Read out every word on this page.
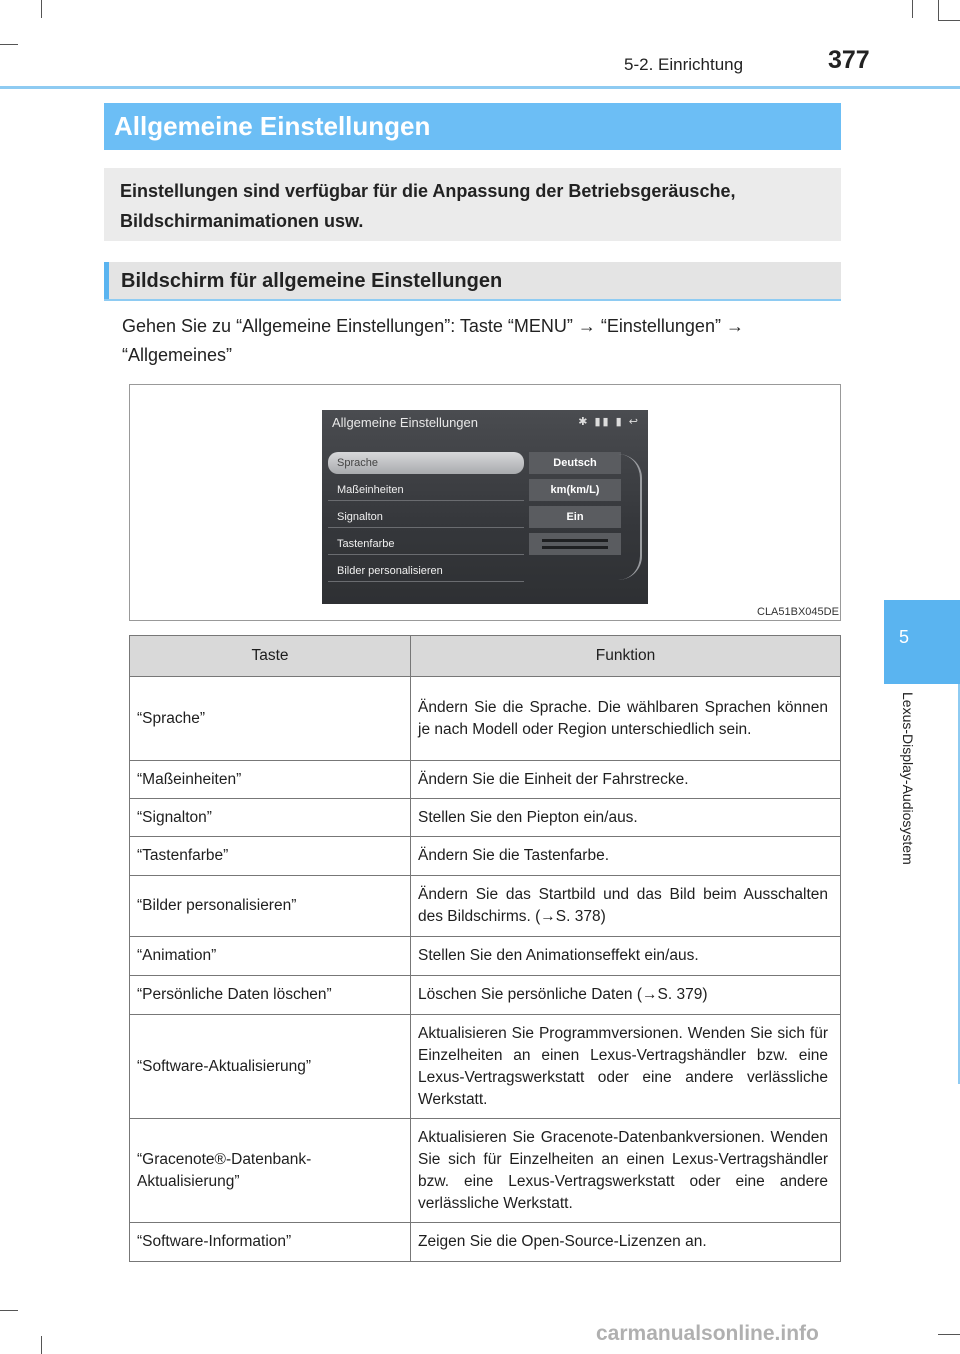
5-2. Einrichtung	377
5
Lexus-Display-Audiosystem
Allgemeine Einstellungen
Einstellungen sind verfügbar für die Anpassung der Betriebsgeräusche, Bildschirmanimationen usw.
Bildschirm für allgemeine Einstellungen
Gehen Sie zu “Allgemeine Einstellungen”: Taste “MENU” → “Einstellungen” → “Allgemeines”
Allgemeine Einstellungen	✱ ▮▮ ▮ ↩
Sprache
Maßeinheiten
Signalton
Tastenfarbe
Bilder personalisieren
Deutsch
km(km/L)
Ein
CLA51BX045DE
Taste	Funktion
“Sprache”	Ändern Sie die Sprache. Die wählbaren Sprachen können je nach Modell oder Region unterschiedlich sein.
“Maßeinheiten”	Ändern Sie die Einheit der Fahrstrecke.
“Signalton”	Stellen Sie den Piepton ein/aus.
“Tastenfarbe”	Ändern Sie die Tastenfarbe.
“Bilder personalisieren”	Ändern Sie das Startbild und das Bild beim Ausschalten des Bildschirms. (→S. 378)
“Animation”	Stellen Sie den Animationseffekt ein/aus.
“Persönliche Daten löschen”	Löschen Sie persönliche Daten (→S. 379)
“Software-Aktualisierung”	Aktualisieren Sie Programmversionen. Wenden Sie sich für Einzelheiten an einen Lexus-Vertragshändler bzw. eine Lexus-Vertragswerkstatt oder eine andere verlässliche Werkstatt.
“Gracenote®-Datenbank-Aktualisierung”	Aktualisieren Sie Gracenote-Datenbankversionen. Wenden Sie sich für Einzelheiten an einen Lexus-Vertragshändler bzw. eine Lexus-Vertragswerkstatt oder eine andere verlässliche Werkstatt.
“Software-Information”	Zeigen Sie die Open-Source-Lizenzen an.
carmanualsonline.info
